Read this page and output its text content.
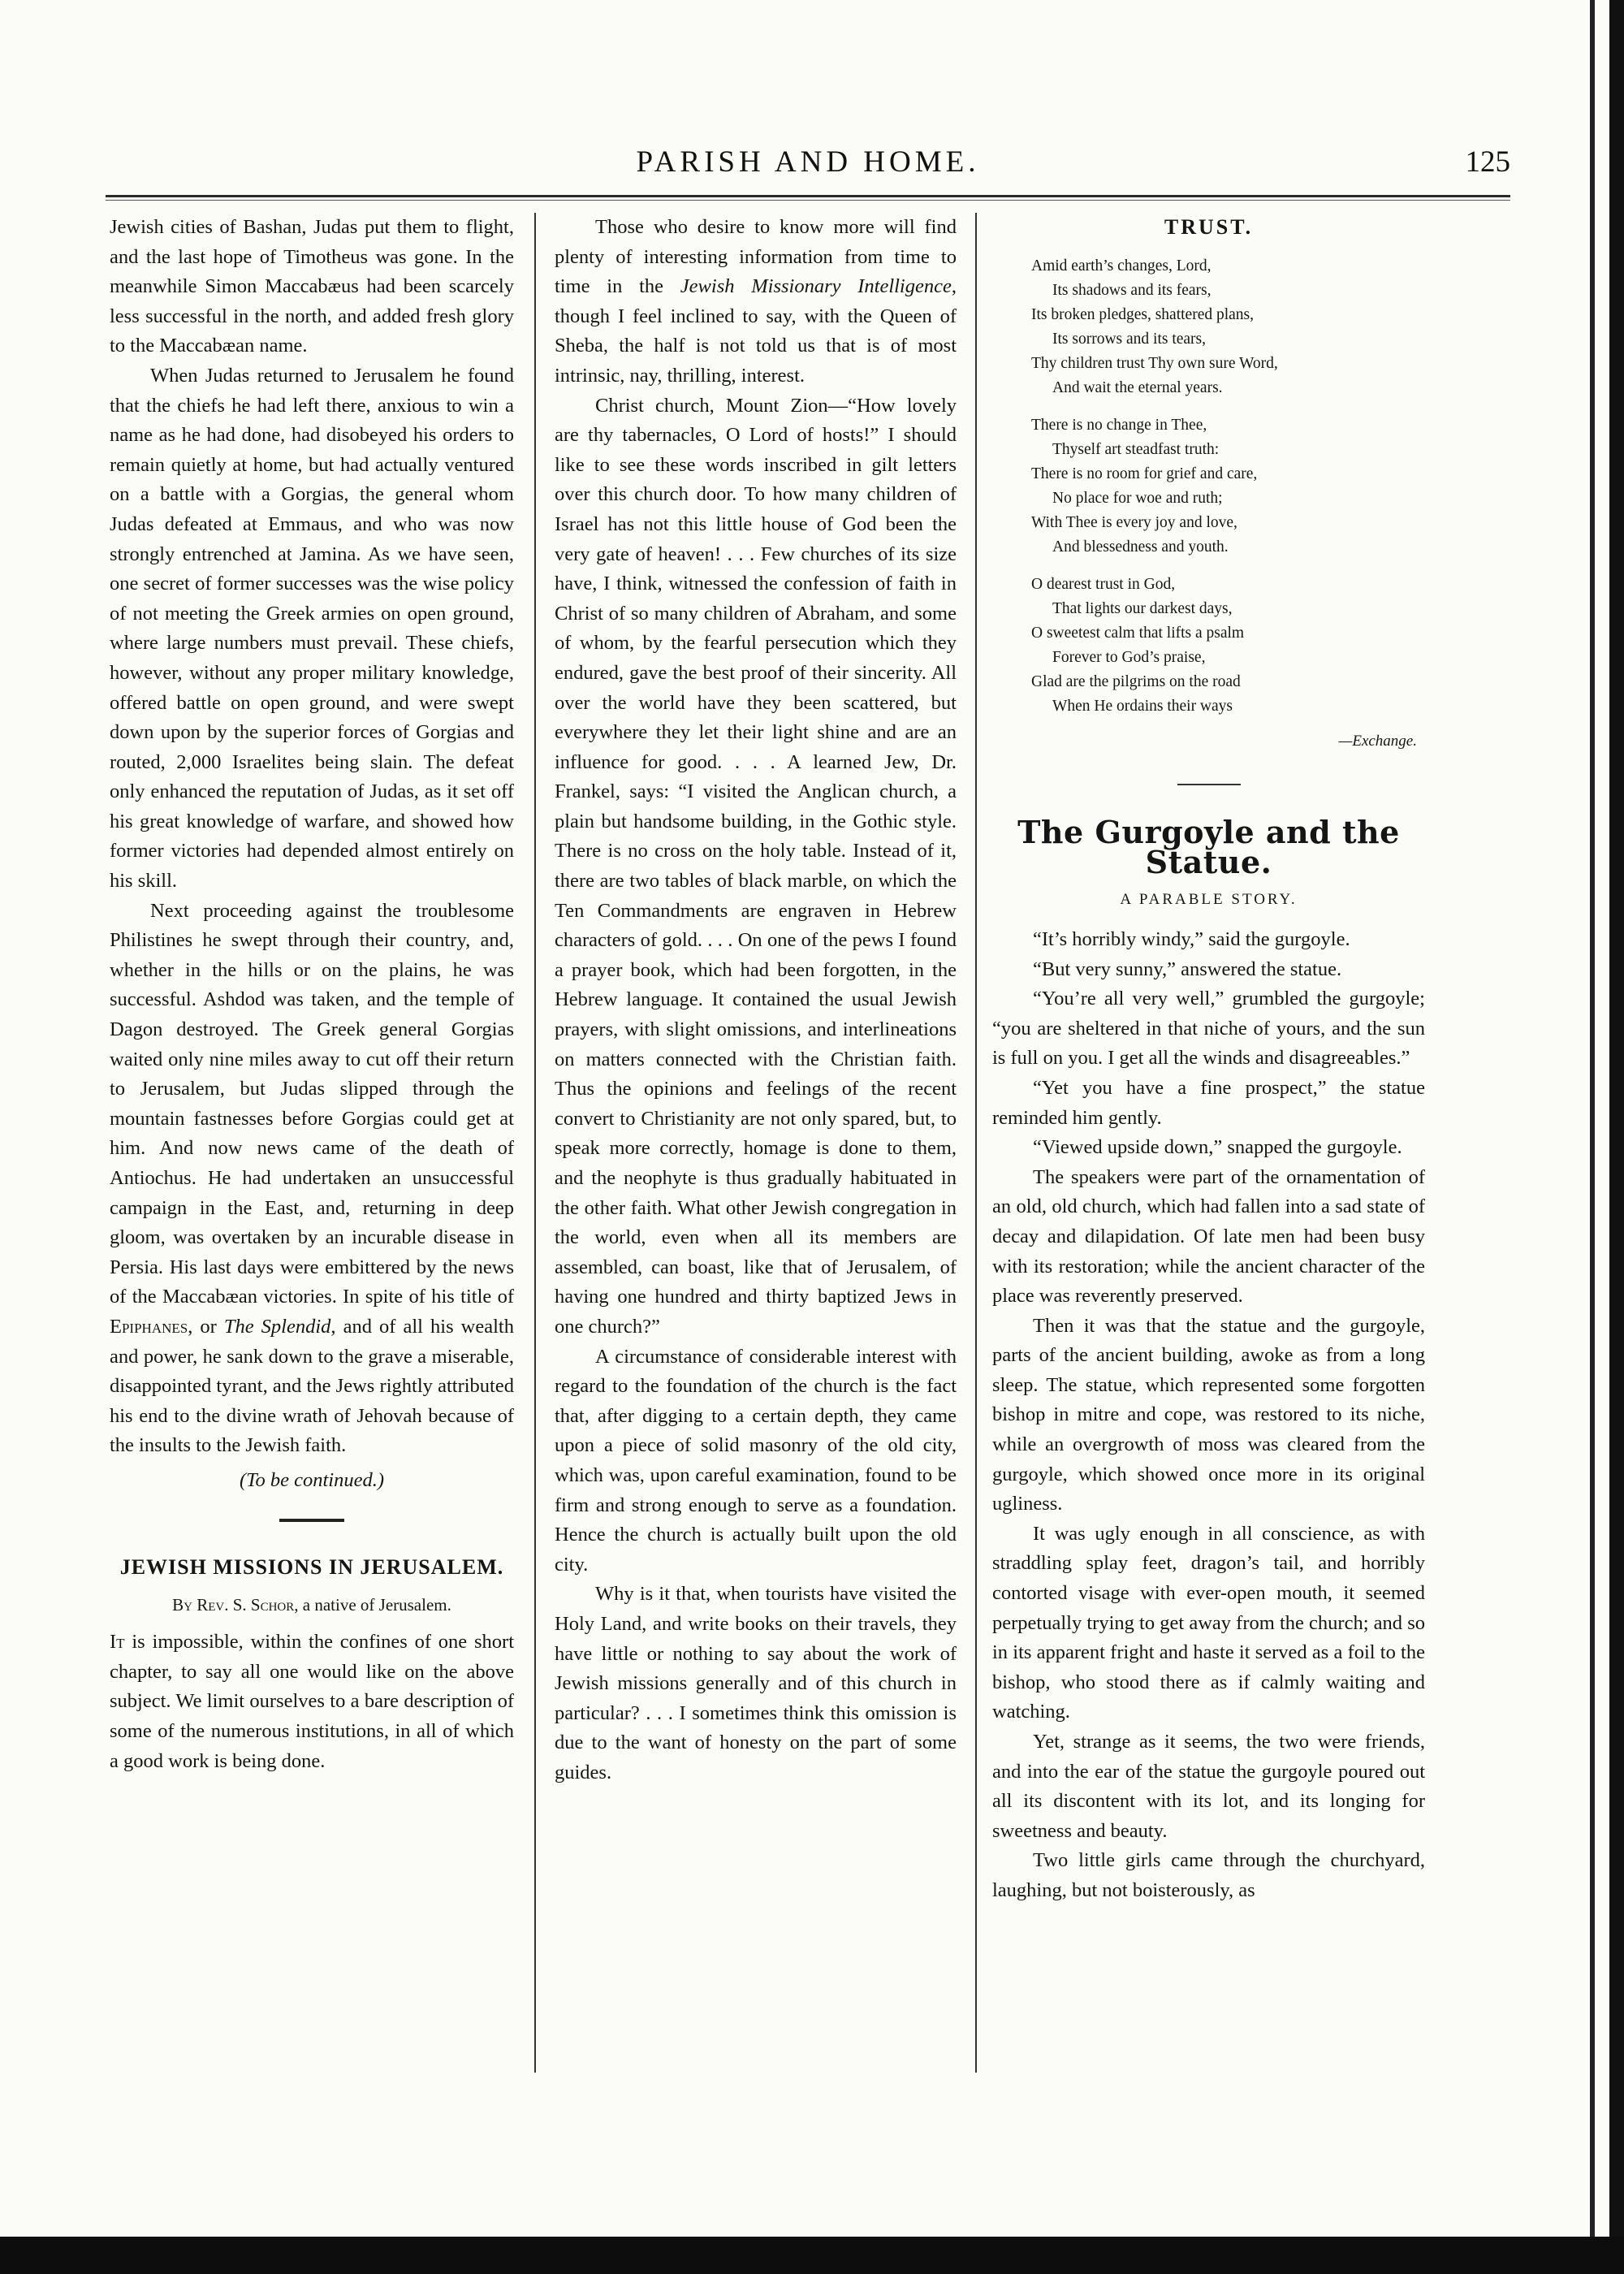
PARISH AND HOME.	125

Jewish cities of Bashan, Judas put them to flight, and the last hope of Timotheus was gone. In the meanwhile Simon Maccabæus had been scarcely less successful in the north, and added fresh glory to the Maccabæan name.

When Judas returned to Jerusalem he found that the chiefs he had left there, anxious to win a name as he had done, had disobeyed his orders to remain quietly at home, but had actually ventured on a battle with a Gorgias, the general whom Judas defeated at Emmaus, and who was now strongly entrenched at Jamina. As we have seen, one secret of former successes was the wise policy of not meeting the Greek armies on open ground, where large numbers must prevail. These chiefs, however, without any proper military knowledge, offered battle on open ground, and were swept down upon by the superior forces of Gorgias and routed, 2,000 Israelites being slain. The defeat only enhanced the reputation of Judas, as it set off his great knowledge of warfare, and showed how former victories had depended almost entirely on his skill.

Next proceeding against the troublesome Philistines he swept through their country, and, whether in the hills or on the plains, he was successful. Ashdod was taken, and the temple of Dagon destroyed. The Greek general Gorgias waited only nine miles away to cut off their return to Jerusalem, but Judas slipped through the mountain fastnesses before Gorgias could get at him. And now news came of the death of Antiochus. He had undertaken an unsuccessful campaign in the East, and, returning in deep gloom, was overtaken by an incurable disease in Persia. His last days were embittered by the news of the Maccabæan victories. In spite of his title of Epiphanes, or The Splendid, and of all his wealth and power, he sank down to the grave a miserable, disappointed tyrant, and the Jews rightly attributed his end to the divine wrath of Jehovah because of the insults to the Jewish faith.

(To be continued.)
JEWISH MISSIONS IN JERUSALEM.
By Rev. S. Schor, a native of Jerusalem.

It is impossible, within the confines of one short chapter, to say all one would like on the above subject. We limit ourselves to a bare description of some of the numerous institutions, in all of which a good work is being done.

Those who desire to know more will find plenty of interesting information from time to time in the Jewish Missionary Intelligence, though I feel inclined to say, with the Queen of Sheba, the half is not told us that is of most intrinsic, nay, thrilling, interest.

Christ church, Mount Zion—“How lovely are thy tabernacles, O Lord of hosts!” I should like to see these words inscribed in gilt letters over this church door. To how many children of Israel has not this little house of God been the very gate of heaven! . . . Few churches of its size have, I think, witnessed the confession of faith in Christ of so many children of Abraham, and some of whom, by the fearful persecution which they endured, gave the best proof of their sincerity. All over the world have they been scattered, but everywhere they let their light shine and are an influence for good. . . . A learned Jew, Dr. Frankel, says: “I visited the Anglican church, a plain but handsome building, in the Gothic style. There is no cross on the holy table. Instead of it, there are two tables of black marble, on which the Ten Commandments are engraven in Hebrew characters of gold. . . . On one of the pews I found a prayer book, which had been forgotten, in the Hebrew language. It contained the usual Jewish prayers, with slight omissions, and interlineations on matters connected with the Christian faith. Thus the opinions and feelings of the recent convert to Christianity are not only spared, but, to speak more correctly, homage is done to them, and the neophyte is thus gradually habituated in the other faith. What other Jewish congregation in the world, even when all its members are assembled, can boast, like that of Jerusalem, of having one hundred and thirty baptized Jews in one church?”

A circumstance of considerable interest with regard to the foundation of the church is the fact that, after digging to a certain depth, they came upon a piece of solid masonry of the old city, which was, upon careful examination, found to be firm and strong enough to serve as a foundation. Hence the church is actually built upon the old city.

Why is it that, when tourists have visited the Holy Land, and write books on their travels, they have little or nothing to say about the work of Jewish missions generally and of this church in particular? . . . I sometimes think this omission is due to the want of honesty on the part of some guides.

TRUST.
Amid earth’s changes, Lord,
Its shadows and its fears,
Its broken pledges, shattered plans,
Its sorrows and its tears,
Thy children trust Thy own sure Word,
And wait the eternal years.
There is no change in Thee,
Thyself art steadfast truth:
There is no room for grief and care,
No place for woe and ruth;
With Thee is every joy and love,
And blessedness and youth.
O dearest trust in God,
That lights our darkest days,
O sweetest calm that lifts a psalm
Forever to God’s praise,
Glad are the pilgrims on the road
When He ordains their ways
—Exchange.
The Gurgoyle and the Statue.
A PARABLE STORY.

“It’s horribly windy,” said the gurgoyle.

“But very sunny,” answered the statue.

“You’re all very well,” grumbled the gurgoyle; “you are sheltered in that niche of yours, and the sun is full on you. I get all the winds and disagreeables.”

“Yet you have a fine prospect,” the statue reminded him gently.

“Viewed upside down,” snapped the gurgoyle.

The speakers were part of the ornamentation of an old, old church, which had fallen into a sad state of decay and dilapidation. Of late men had been busy with its restoration; while the ancient character of the place was reverently preserved.

Then it was that the statue and the gurgoyle, parts of the ancient building, awoke as from a long sleep. The statue, which represented some forgotten bishop in mitre and cope, was restored to its niche, while an overgrowth of moss was cleared from the gurgoyle, which showed once more in its original ugliness.

It was ugly enough in all conscience, as with straddling splay feet, dragon’s tail, and horribly contorted visage with ever-open mouth, it seemed perpetually trying to get away from the church; and so in its apparent fright and haste it served as a foil to the bishop, who stood there as if calmly waiting and watching.

Yet, strange as it seems, the two were friends, and into the ear of the statue the gurgoyle poured out all its discontent with its lot, and its longing for sweetness and beauty.

Two little girls came through the churchyard, laughing, but not boisterously, as
